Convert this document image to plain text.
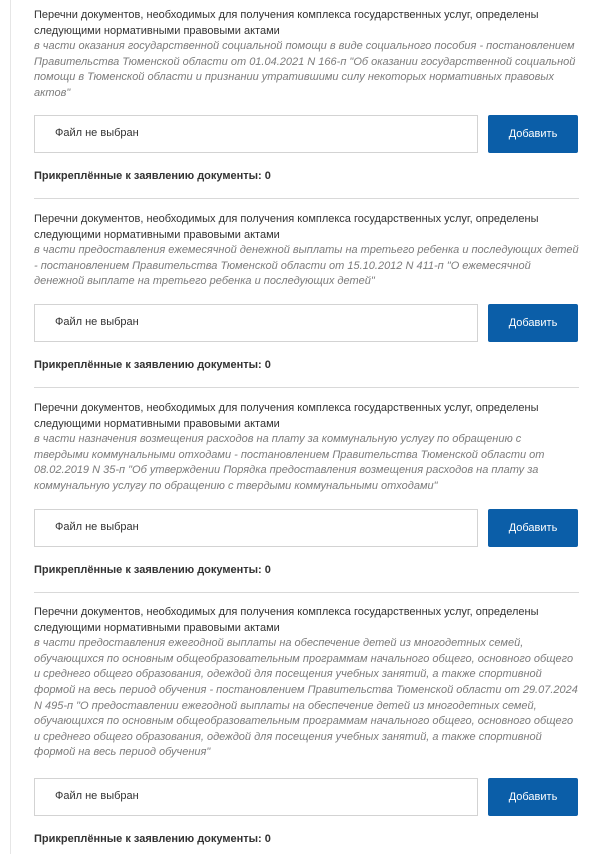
Перечни документов, необходимых для получения комплекса государственных услуг, определены следующими нормативными правовыми актами
в части оказания государственной социальной помощи в виде социального пособия - постановлением Правительства Тюменской области от 01.04.2021 N 166-п "Об оказании государственной социальной помощи в Тюменской области и признании утратившими силу некоторых нормативных правовых актов"
Файл не выбран	Добавить
Прикреплённые к заявлению документы: 0
Перечни документов, необходимых для получения комплекса государственных услуг, определены следующими нормативными правовыми актами
в части предоставления ежемесячной денежной выплаты на третьего ребенка и последующих детей - постановлением Правительства Тюменской области от 15.10.2012 N 411-п "О ежемесячной денежной выплате на третьего ребенка и последующих детей"
Файл не выбран	Добавить
Прикреплённые к заявлению документы: 0
Перечни документов, необходимых для получения комплекса государственных услуг, определены следующими нормативными правовыми актами
в части назначения возмещения расходов на плату за коммунальную услугу по обращению с твердыми коммунальными отходами - постановлением Правительства Тюменской области от 08.02.2019 N 35-п "Об утверждении Порядка предоставления возмещения расходов на плату за коммунальную услугу по обращению с твердыми коммунальными отходами"
Файл не выбран	Добавить
Прикреплённые к заявлению документы: 0
Перечни документов, необходимых для получения комплекса государственных услуг, определены следующими нормативными правовыми актами
в части предоставления ежегодной выплаты на обеспечение детей из многодетных семей, обучающихся по основным общеобразовательным программам начального общего, основного общего и среднего общего образования, одеждой для посещения учебных занятий, а также спортивной формой на весь период обучения - постановлением Правительства Тюменской области от 29.07.2024 N 495-п "О предоставлении ежегодной выплаты на обеспечение детей из многодетных семей, обучающихся по основным общеобразовательным программам начального общего, основного общего и среднего общего образования, одеждой для посещения учебных занятий, а также спортивной формой на весь период обучения"
Файл не выбран	Добавить
Прикреплённые к заявлению документы: 0
